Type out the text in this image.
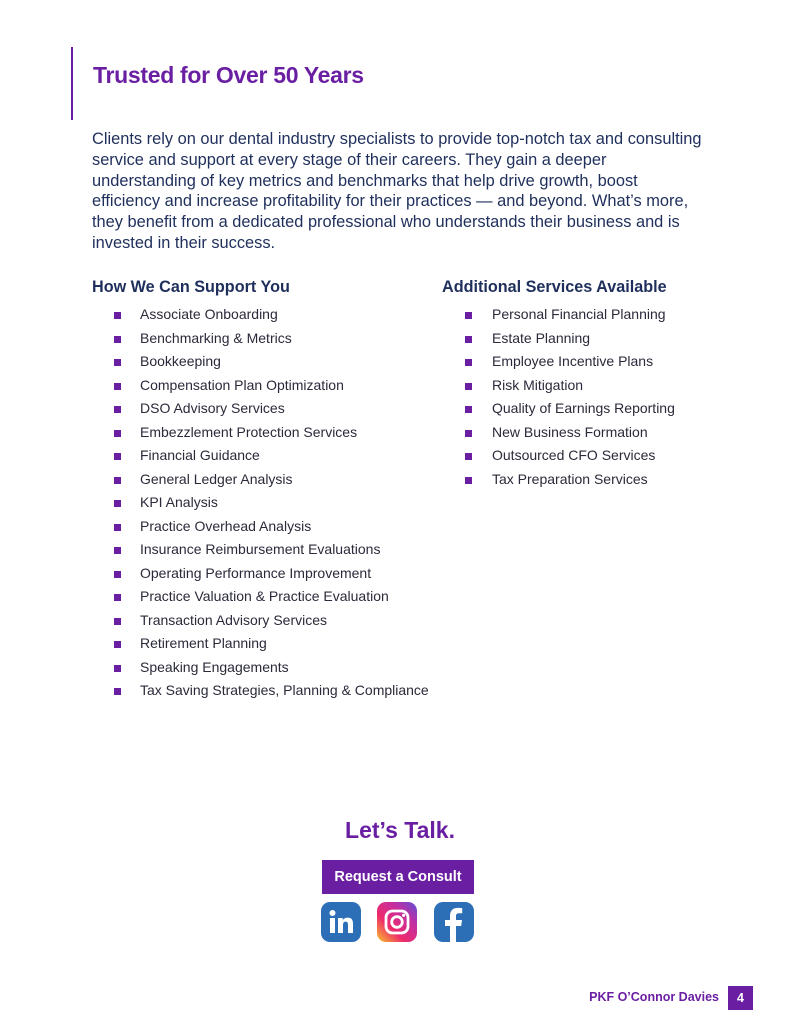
Trusted for Over 50 Years

Clients rely on our dental industry specialists to provide top-notch tax and consulting service and support at every stage of their careers. They gain a deeper understanding of key metrics and benchmarks that help drive growth, boost efficiency and increase profitability for their practices — and beyond. What’s more, they benefit from a dedicated professional who understands their business and is invested in their success.

How We Can Support You
Associate Onboarding
Benchmarking & Metrics
Bookkeeping
Compensation Plan Optimization
DSO Advisory Services
Embezzlement Protection Services
Financial Guidance
General Ledger Analysis
KPI Analysis
Practice Overhead Analysis
Insurance Reimbursement Evaluations
Operating Performance Improvement
Practice Valuation & Practice Evaluation
Transaction Advisory Services
Retirement Planning
Speaking Engagements
Tax Saving Strategies, Planning & Compliance
Additional Services Available
Personal Financial Planning
Estate Planning
Employee Incentive Plans
Risk Mitigation
Quality of Earnings Reporting
New Business Formation
Outsourced CFO Services
Tax Preparation Services
Let’s Talk.
Request a Consult
PKF O’Connor Davies	4
